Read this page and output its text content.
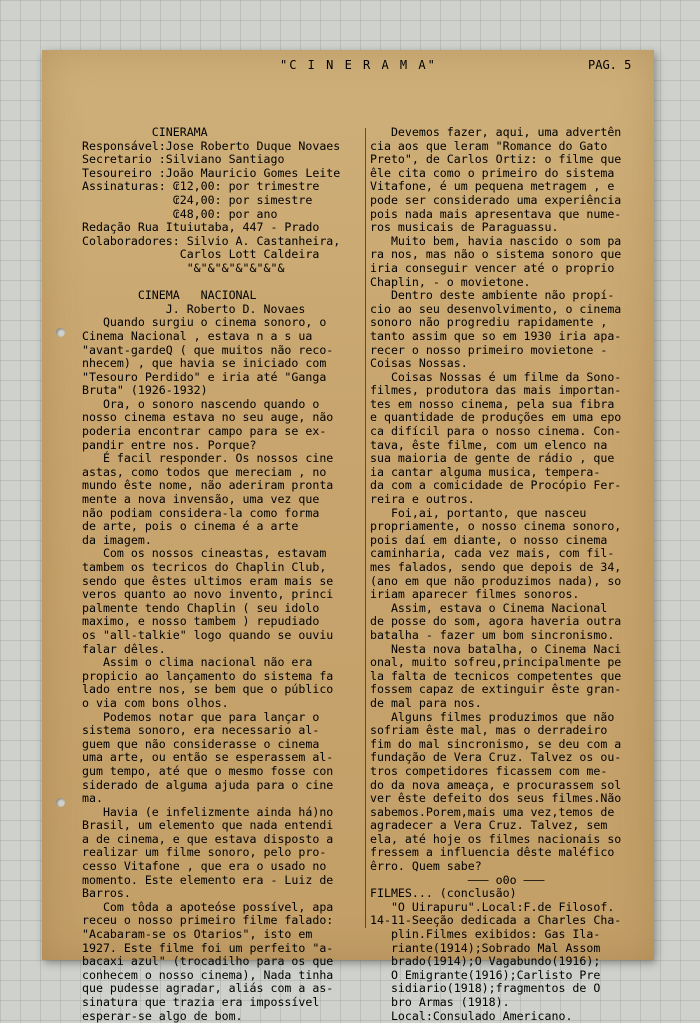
"C I N E R A M A"	PAG. 5
CINERAMA
Responsável:Jose Roberto Duque Novaes
Secretario :Silviano Santiago
Tesoureiro :João Mauricio Gomes Leite
Assinaturas: ₢12,00: por trimestre
₢24,00: por simestre
₢48,00: por ano
Redação Rua Ituiutaba, 447 - Prado
Colaboradores: Silvio A. Castanheira,
Carlos Lott Caldeira
"&"&"&"&"&"&"&
CINEMA   NACIONAL
J. Roberto D. Novaes
Quando surgiu o cinema sonoro, o
Cinema Nacional , estava n a s ua
"avant-gardeQ ( que muitos não reco-
nhecem) , que havia se iniciado com
"Tesouro Perdido" e iria até "Ganga
Bruta" (1926-1932)
Ora, o sonoro nascendo quando o
nosso cinema estava no seu auge, não
poderia encontrar campo para se ex-
pandir entre nos. Porque?
É facil responder. Os nossos cine
astas, como todos que mereciam , no
mundo êste nome, não aderiram pronta
mente a nova invensão, uma vez que
não podiam considera-la como forma
de arte, pois o cinema é a arte
da imagem.
Com os nossos cineastas, estavam
tambem os tecricos do Chaplin Club,
sendo que êstes ultimos eram mais se
veros quanto ao novo invento, princi
palmente tendo Chaplin ( seu idolo
maximo, e nosso tambem ) repudiado
os "all-talkie" logo quando se ouviu
falar dêles.
Assim o clima nacional não era
propicio ao lançamento do sistema fa
lado entre nos, se bem que o público
o via com bons olhos.
Podemos notar que para lançar o
sistema sonoro, era necessario al-
guem que não considerasse o cinema
uma arte, ou então se esperassem al-
gum tempo, até que o mesmo fosse con
siderado de alguma ajuda para o cine
ma.
Havia (e infelizmente ainda há)no
Brasil, um elemento que nada entendi
a de cinema, e que estava disposto a
realizar um filme sonoro, pelo pro-
cesso Vitafone , que era o usado no
momento. Este elemento era - Luiz de
Barros.
Com tôda a apoteóse possível, apa
receu o nosso primeiro filme falado:
"Acabaram-se os Otarios", isto em
1927. Este filme foi um perfeito "a-
bacaxi azul" (trocadilho para os que
conhecem o nosso cinema), Nada tinha
que pudesse agradar, aliás com a as-
sinatura que trazia era impossível
esperar-se algo de bom.
Devemos fazer, aqui, uma advertên
cia aos que leram "Romance do Gato
Preto", de Carlos Ortiz: o filme que
êle cita como o primeiro do sistema
Vitafone, é um pequena metragem , e
pode ser considerado uma experiência
pois nada mais apresentava que nume-
ros musicais de Paraguassu.
Muito bem, havia nascido o som pa
ra nos, mas não o sistema sonoro que
iria conseguir vencer até o proprio
Chaplin, - o movietone.
Dentro deste ambiente não propí-
cio ao seu desenvolvimento, o cinema
sonoro não progrediu rapidamente ,
tanto assim que so em 1930 iria apa-
recer o nosso primeiro movietone -
Coisas Nossas.
Coisas Nossas é um filme da Sono-
filmes, produtora das mais importan-
tes em nosso cinema, pela sua fibra
e quantidade de produções em uma epo
ca difícil para o nosso cinema. Con-
tava, êste filme, com um elenco na
sua maioria de gente de rádio , que
ia cantar alguma musica, tempera-
da com a comicidade de Procópio Fer-
reira e outros.
Foi,ai, portanto, que nasceu
propriamente, o nosso cinema sonoro,
pois daí em diante, o nosso cinema
caminharia, cada vez mais, com fil-
mes falados, sendo que depois de 34,
(ano em que não produzimos nada), so
iriam aparecer filmes sonoros.
Assim, estava o Cinema Nacional
de posse do som, agora haveria outra
batalha - fazer um bom sincronismo.
Nesta nova batalha, o Cinema Naci
onal, muito sofreu,principalmente pe
la falta de tecnicos competentes que
fossem capaz de extinguir êste gran-
de mal para nos.
Alguns filmes produzimos que não
sofriam êste mal, mas o derradeiro
fim do mal sincronismo, se deu com a
fundação de Vera Cruz. Talvez os ou-
tros competidores ficassem com me-
do da nova ameaça, e procurassem sol
ver êste defeito dos seus filmes.Não
sabemos.Porem,mais uma vez,temos de
agradecer a Vera Cruz. Talvez, sem
ela, até hoje os filmes nacionais so
fressem a influencia dêste maléfico
êrro. Quem sabe?
——— o0o ———
FILMES... (conclusão)
"O Uirapuru".Local:F.de Filosof.
14-11-Seeção dedicada a Charles Cha-
plin.Filmes exibidos: Gas Ila-
riante(1914);Sobrado Mal Assom
brado(1914);O Vagabundo(1916);
O Emigrante(1916);Carlisto Pre
sidiario(1918);fragmentos de O
bro Armas (1918).
Local:Consulado Americano.
